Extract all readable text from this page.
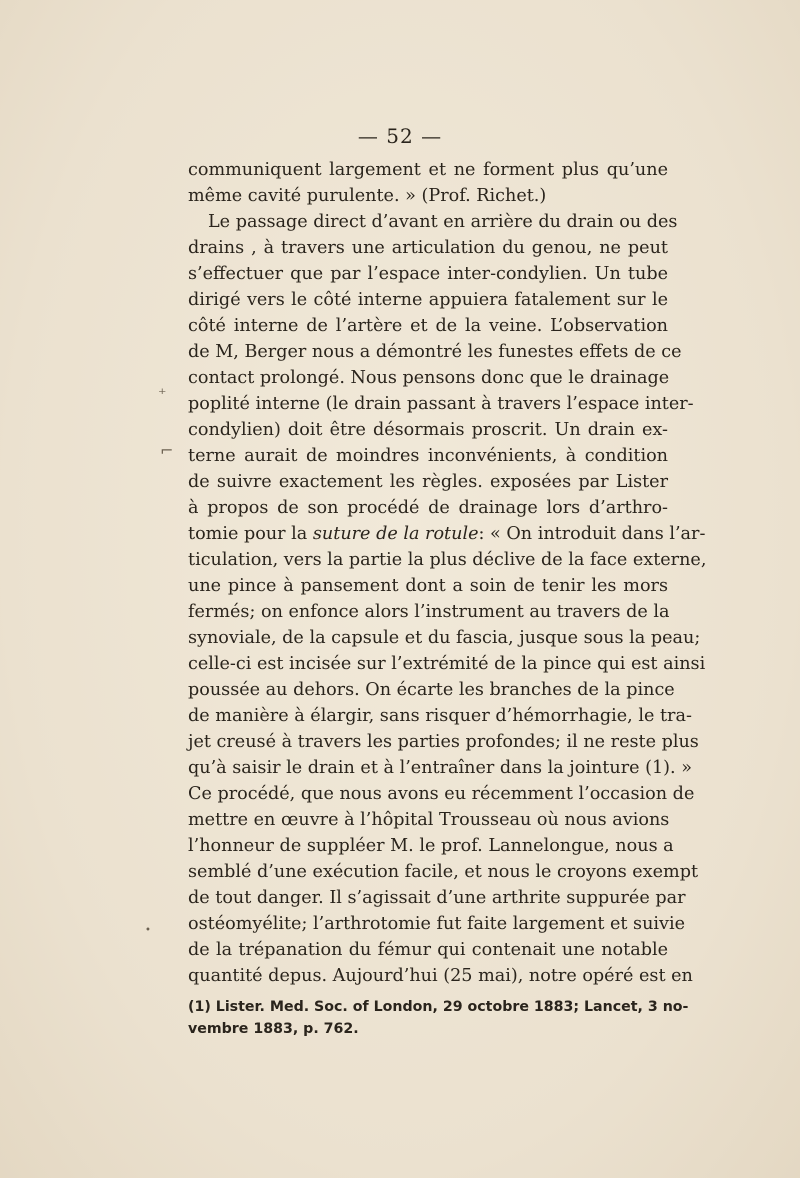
— 52 —
communiquent largement et ne forment plus qu’une
même cavité purulente. » (Prof. Richet.)
Le passage direct d’avant en arrière du drain ou des
drains , à travers une articulation du genou, ne peut
s’effectuer que par l’espace inter-condylien. Un tube
dirigé vers le côté interne appuiera fatalement sur le
côté interne de l’artère et de la veine. L’observation
de M, Berger nous a démontré les funestes effets de ce
contact prolongé. Nous pensons donc que le drainage
poplité interne (le drain passant à travers l’espace inter-
condylien) doit être désormais proscrit. Un drain ex-
terne aurait de moindres inconvénients, à condition
de suivre exactement les règles. exposées par Lister
à propos de son procédé de drainage lors d’arthro-
tomie pour la suture de la rotule: « On introduit dans l’ar-
ticulation, vers la partie la plus déclive de la face externe,
une pince à pansement dont a soin de tenir les mors
fermés; on enfonce alors l’instrument au travers de la
synoviale, de la capsule et du fascia, jusque sous la peau;
celle-ci est incisée sur l’extrémité de la pince qui est ainsi
poussée au dehors. On écarte les branches de la pince
de manière à élargir, sans risquer d’hémorrhagie, le tra-
jet creusé à travers les parties profondes; il ne reste plus
qu’à saisir le drain et à l’entraîner dans la jointure (1). »
Ce procédé, que nous avons eu récemment l’occasion de
mettre en œuvre à l’hôpital Trousseau où nous avions
l’honneur de suppléer M. le prof. Lannelongue, nous a
semblé d’une exécution facile, et nous le croyons exempt
de tout danger. Il s’agissait d’une arthrite suppurée par
ostéomyélite; l’arthrotomie fut faite largement et suivie
de la trépanation du fémur qui contenait une notable
quantité depus. Aujourd’hui (25 mai), notre opéré est en
(1) Lister. Med. Soc. of London, 29 octobre 1883; Lancet, 3 no-
vembre 1883, p. 762.
⁺
⌐
•
